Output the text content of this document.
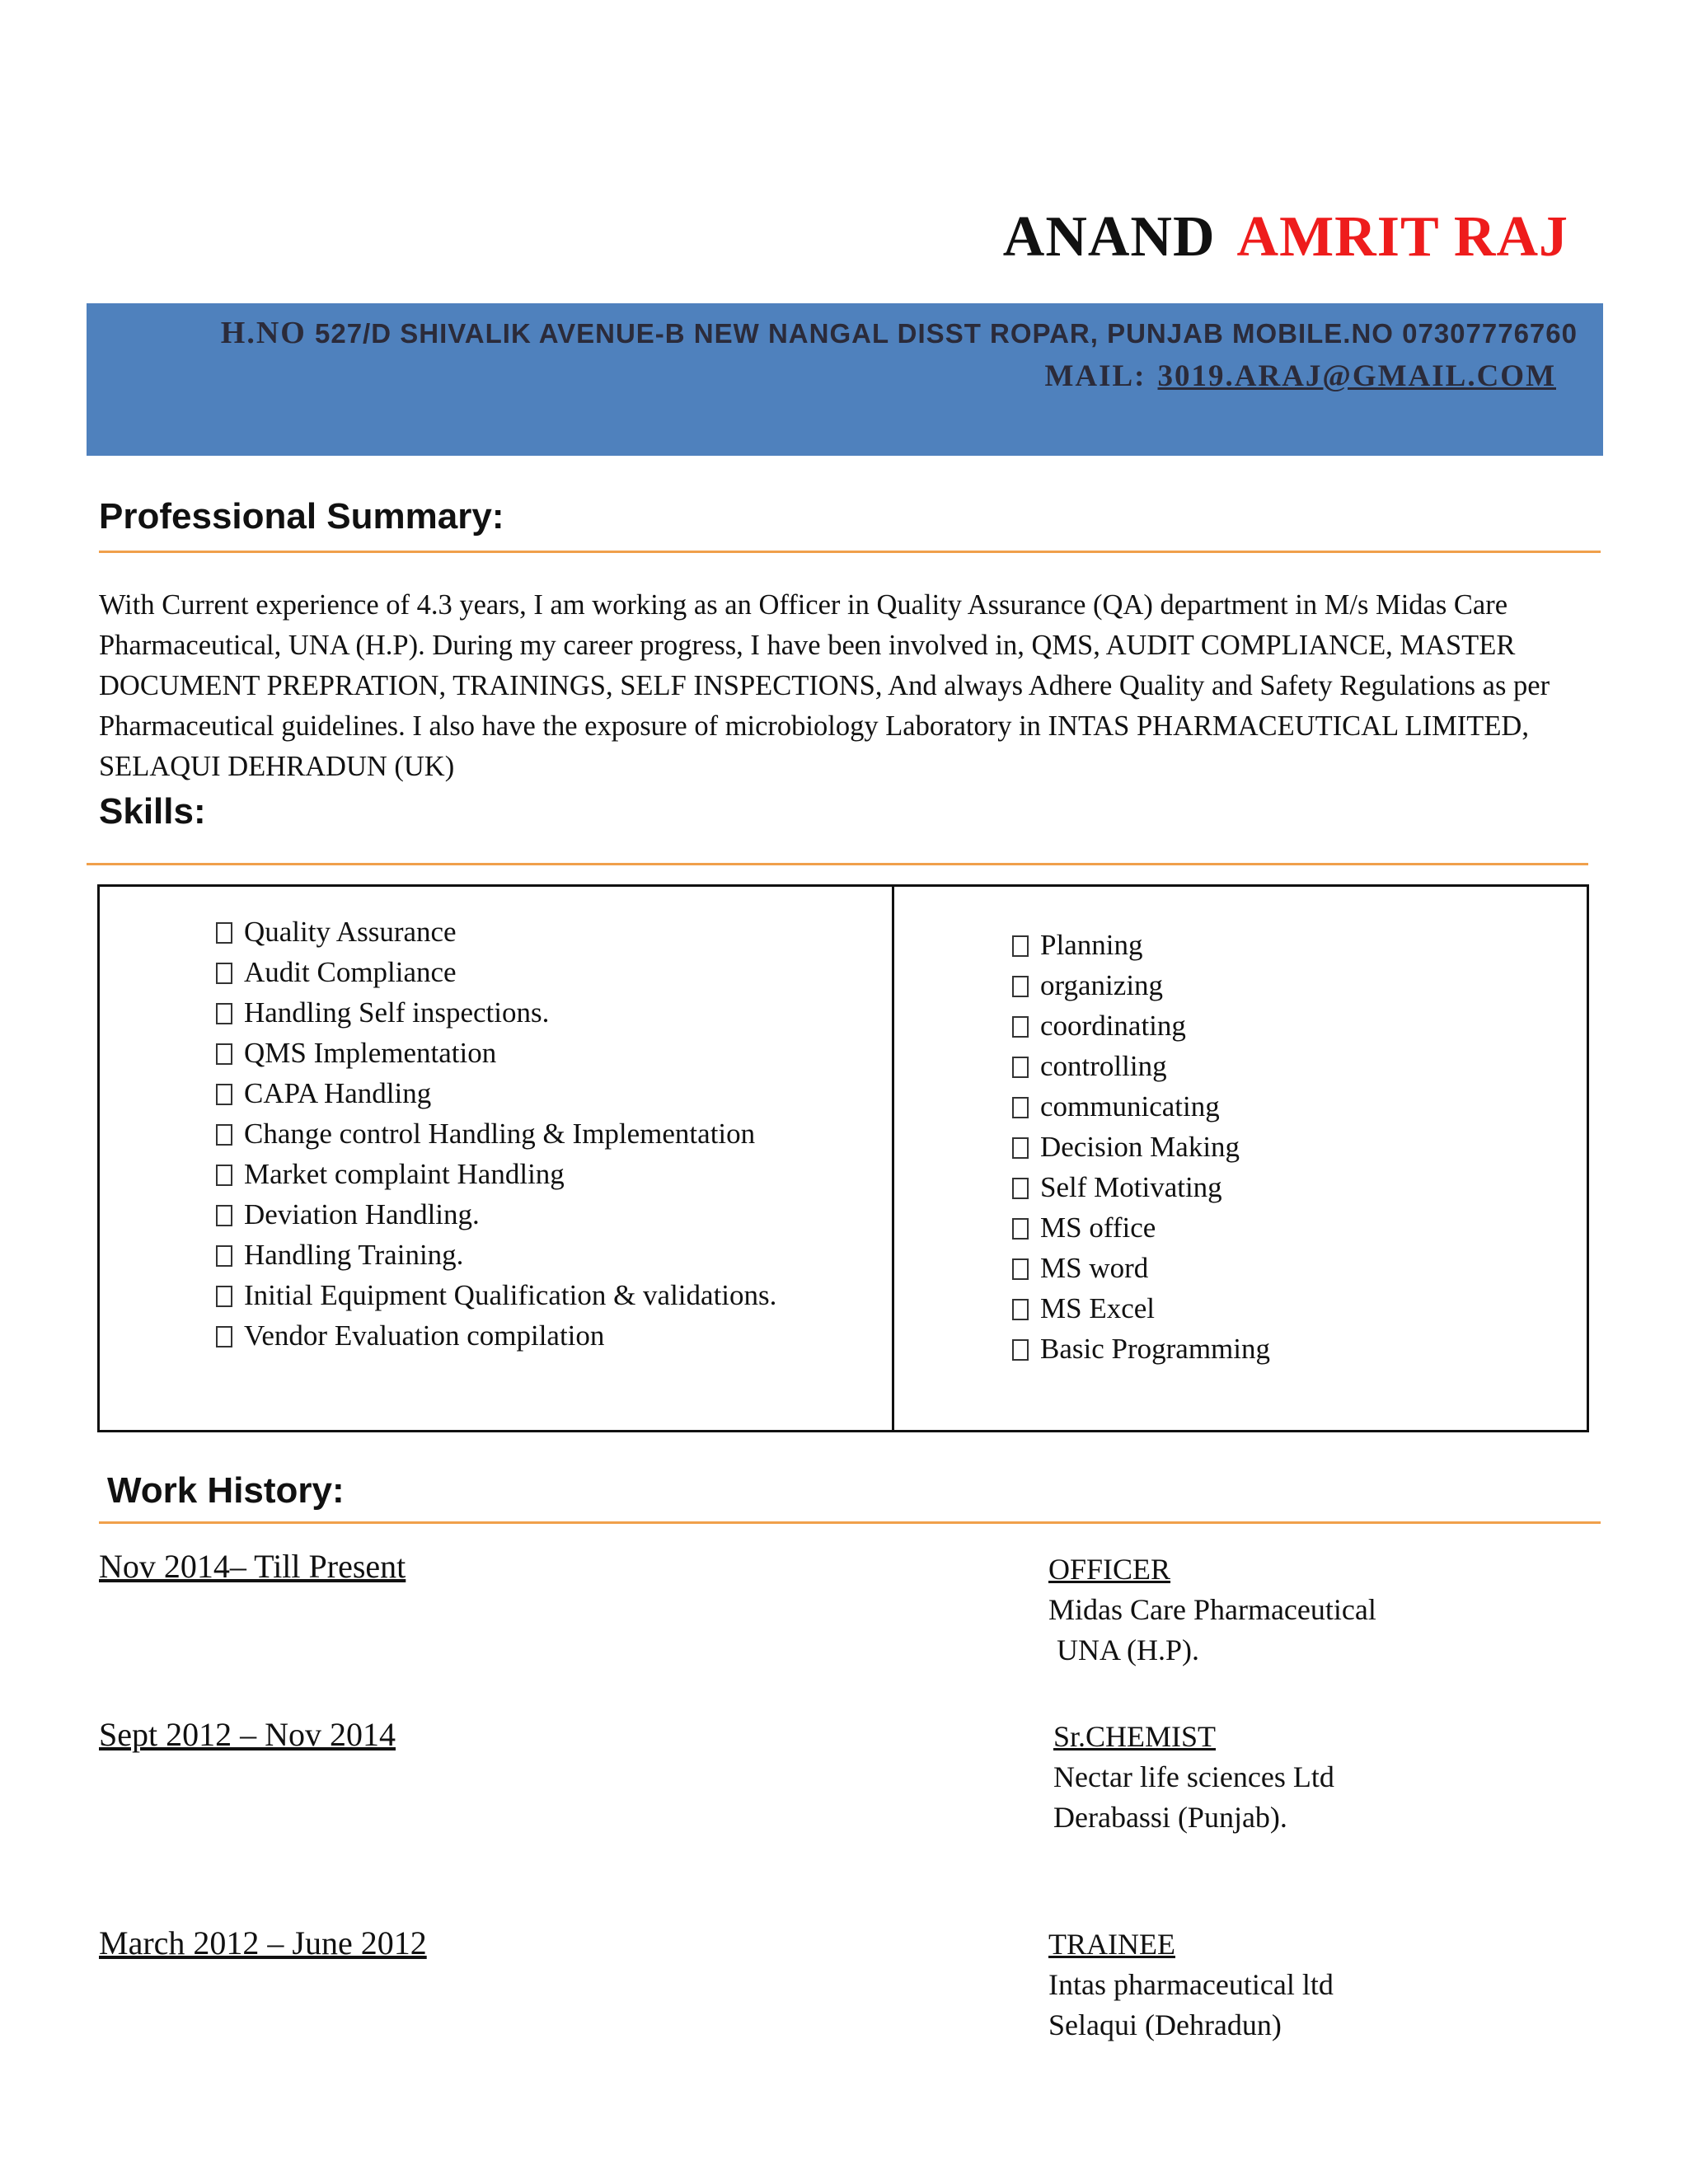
ANAND AMRIT RAJ
H.NO 527/D SHIVALIK AVENUE-B NEW NANGAL DISST ROPAR, PUNJAB MOBILE.NO 07307776760
MAIL: 3019.ARAJ@GMAIL.COM
Professional Summary:
With Current experience of 4.3 years, I am working as an Officer in Quality Assurance (QA) department in M/s Midas Care Pharmaceutical, UNA (H.P). During my career progress, I have been involved in, QMS, AUDIT COMPLIANCE, MASTER DOCUMENT PREPRATION, TRAININGS, SELF INSPECTIONS, And always Adhere Quality and Safety Regulations as per Pharmaceutical guidelines. I also have the exposure of microbiology Laboratory in INTAS PHARMACEUTICAL LIMITED, SELAQUI DEHRADUN (UK)
Skills:
Quality Assurance
Audit Compliance
Handling Self inspections.
QMS Implementation
CAPA Handling
Change control Handling & Implementation
Market complaint Handling
Deviation Handling.
Handling Training.
Initial Equipment Qualification & validations.
Vendor Evaluation compilation
Planning
organizing
coordinating
controlling
communicating
Decision Making
Self Motivating
MS office
MS word
MS Excel
Basic Programming
Work History:
Nov 2014– Till Present	OFFICER
Midas Care Pharmaceutical
UNA (H.P).
Sept 2012 – Nov 2014	Sr.CHEMIST
Nectar life sciences Ltd
Derabassi (Punjab).
March 2012 – June 2012	TRAINEE
Intas pharmaceutical ltd
Selaqui (Dehradun)
